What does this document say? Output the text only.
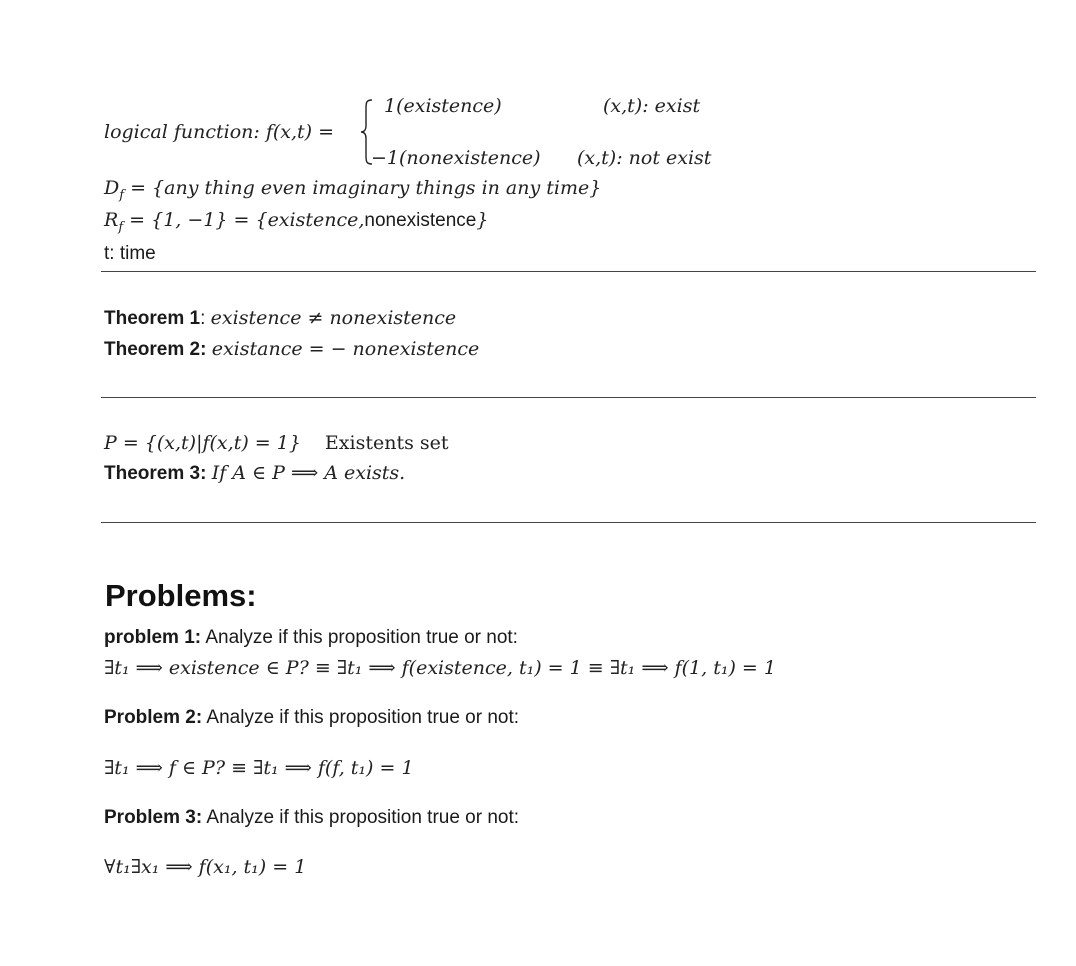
logical function: f(x,t) =
1(existence)	(x,t): exist
−1(nonexistence) (x,t): not exist
$D_f = \{any$ thing even imaginary things in any time}
$R_f = \{1$, −1} = {existence,nonexistence}
t: time
Theorem 1: existence ≠ nonexistence
Theorem 2: existance = − nonexistence
P = {(x,t)|f(x,t) = 1} Existents set
Theorem 3: If A ∈ P ⟹ A exists.
Problems:
problem 1: Analyze if this proposition true or not:
∃t₁ ⟹ existence ∈ P? ≡ ∃t₁ ⟹ f(existence, t₁) = 1 ≡ ∃t₁ ⟹ f(1, t₁) = 1
Problem 2: Analyze if this proposition true or not:
∃t₁ ⟹ f ∈ P? ≡ ∃t₁ ⟹ f(f, t₁) = 1
Problem 3: Analyze if this proposition true or not:
∀t₁∃x₁ ⟹ f(x₁, t₁) = 1
